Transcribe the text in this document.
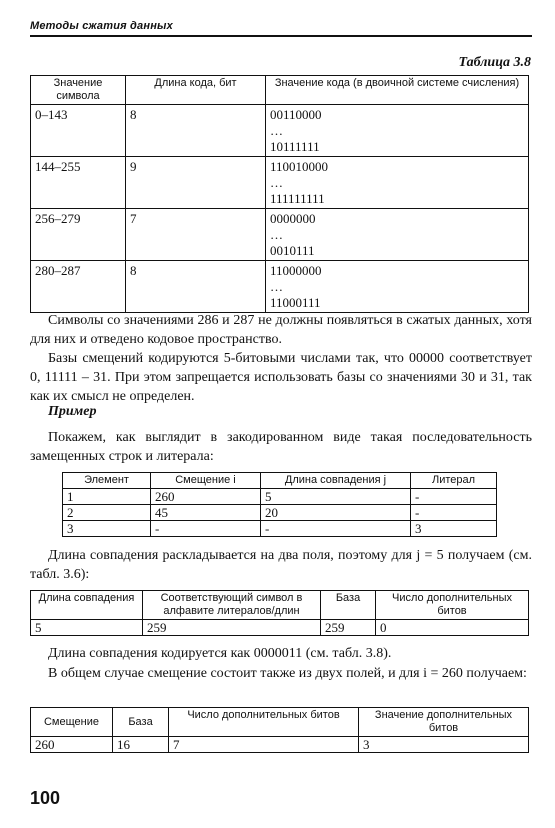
Методы сжатия данных
Таблица 3.8
Значение символа	Длина кода, бит	Значение кода (в двоичной системе счисления)
0–143	8	00110000
…
10111111

144–255	9	110010000
…
111111111

256–279	7	0000000
…
0010111

280–287	8	11000000
…
11000111

Символы со значениями 286 и 287 не должны появляться в сжатых данных, хотя для них и отведено кодовое пространство.

Базы смещений кодируются 5-битовыми числами так, что 00000 соответствует 0, 11111 – 31. При этом запрещается использовать базы со значениями 30 и 31, так как их смысл не определен.

Пример

Покажем, как выглядит в закодированном виде такая последовательность замещенных строк и литерала:

Элемент	Смещение i	Длина совпадения j	Литерал
1	260	5	-
2	45	20	-
3	-	-	3

Длина совпадения раскладывается на два поля, поэтому для j = 5 получаем (см. табл. 3.6):

Длина совпадения	Соответствующий символ в алфавите литералов/длин	База	Число дополнительных битов
5	259	259	0

Длина совпадения кодируется как 0000011 (см. табл. 3.8).

В общем случае смещение состоит также из двух полей, и для i = 260 получаем:

Смещение	База	Число дополнительных битов	Значение дополнительных битов
260	16	7	3
100
